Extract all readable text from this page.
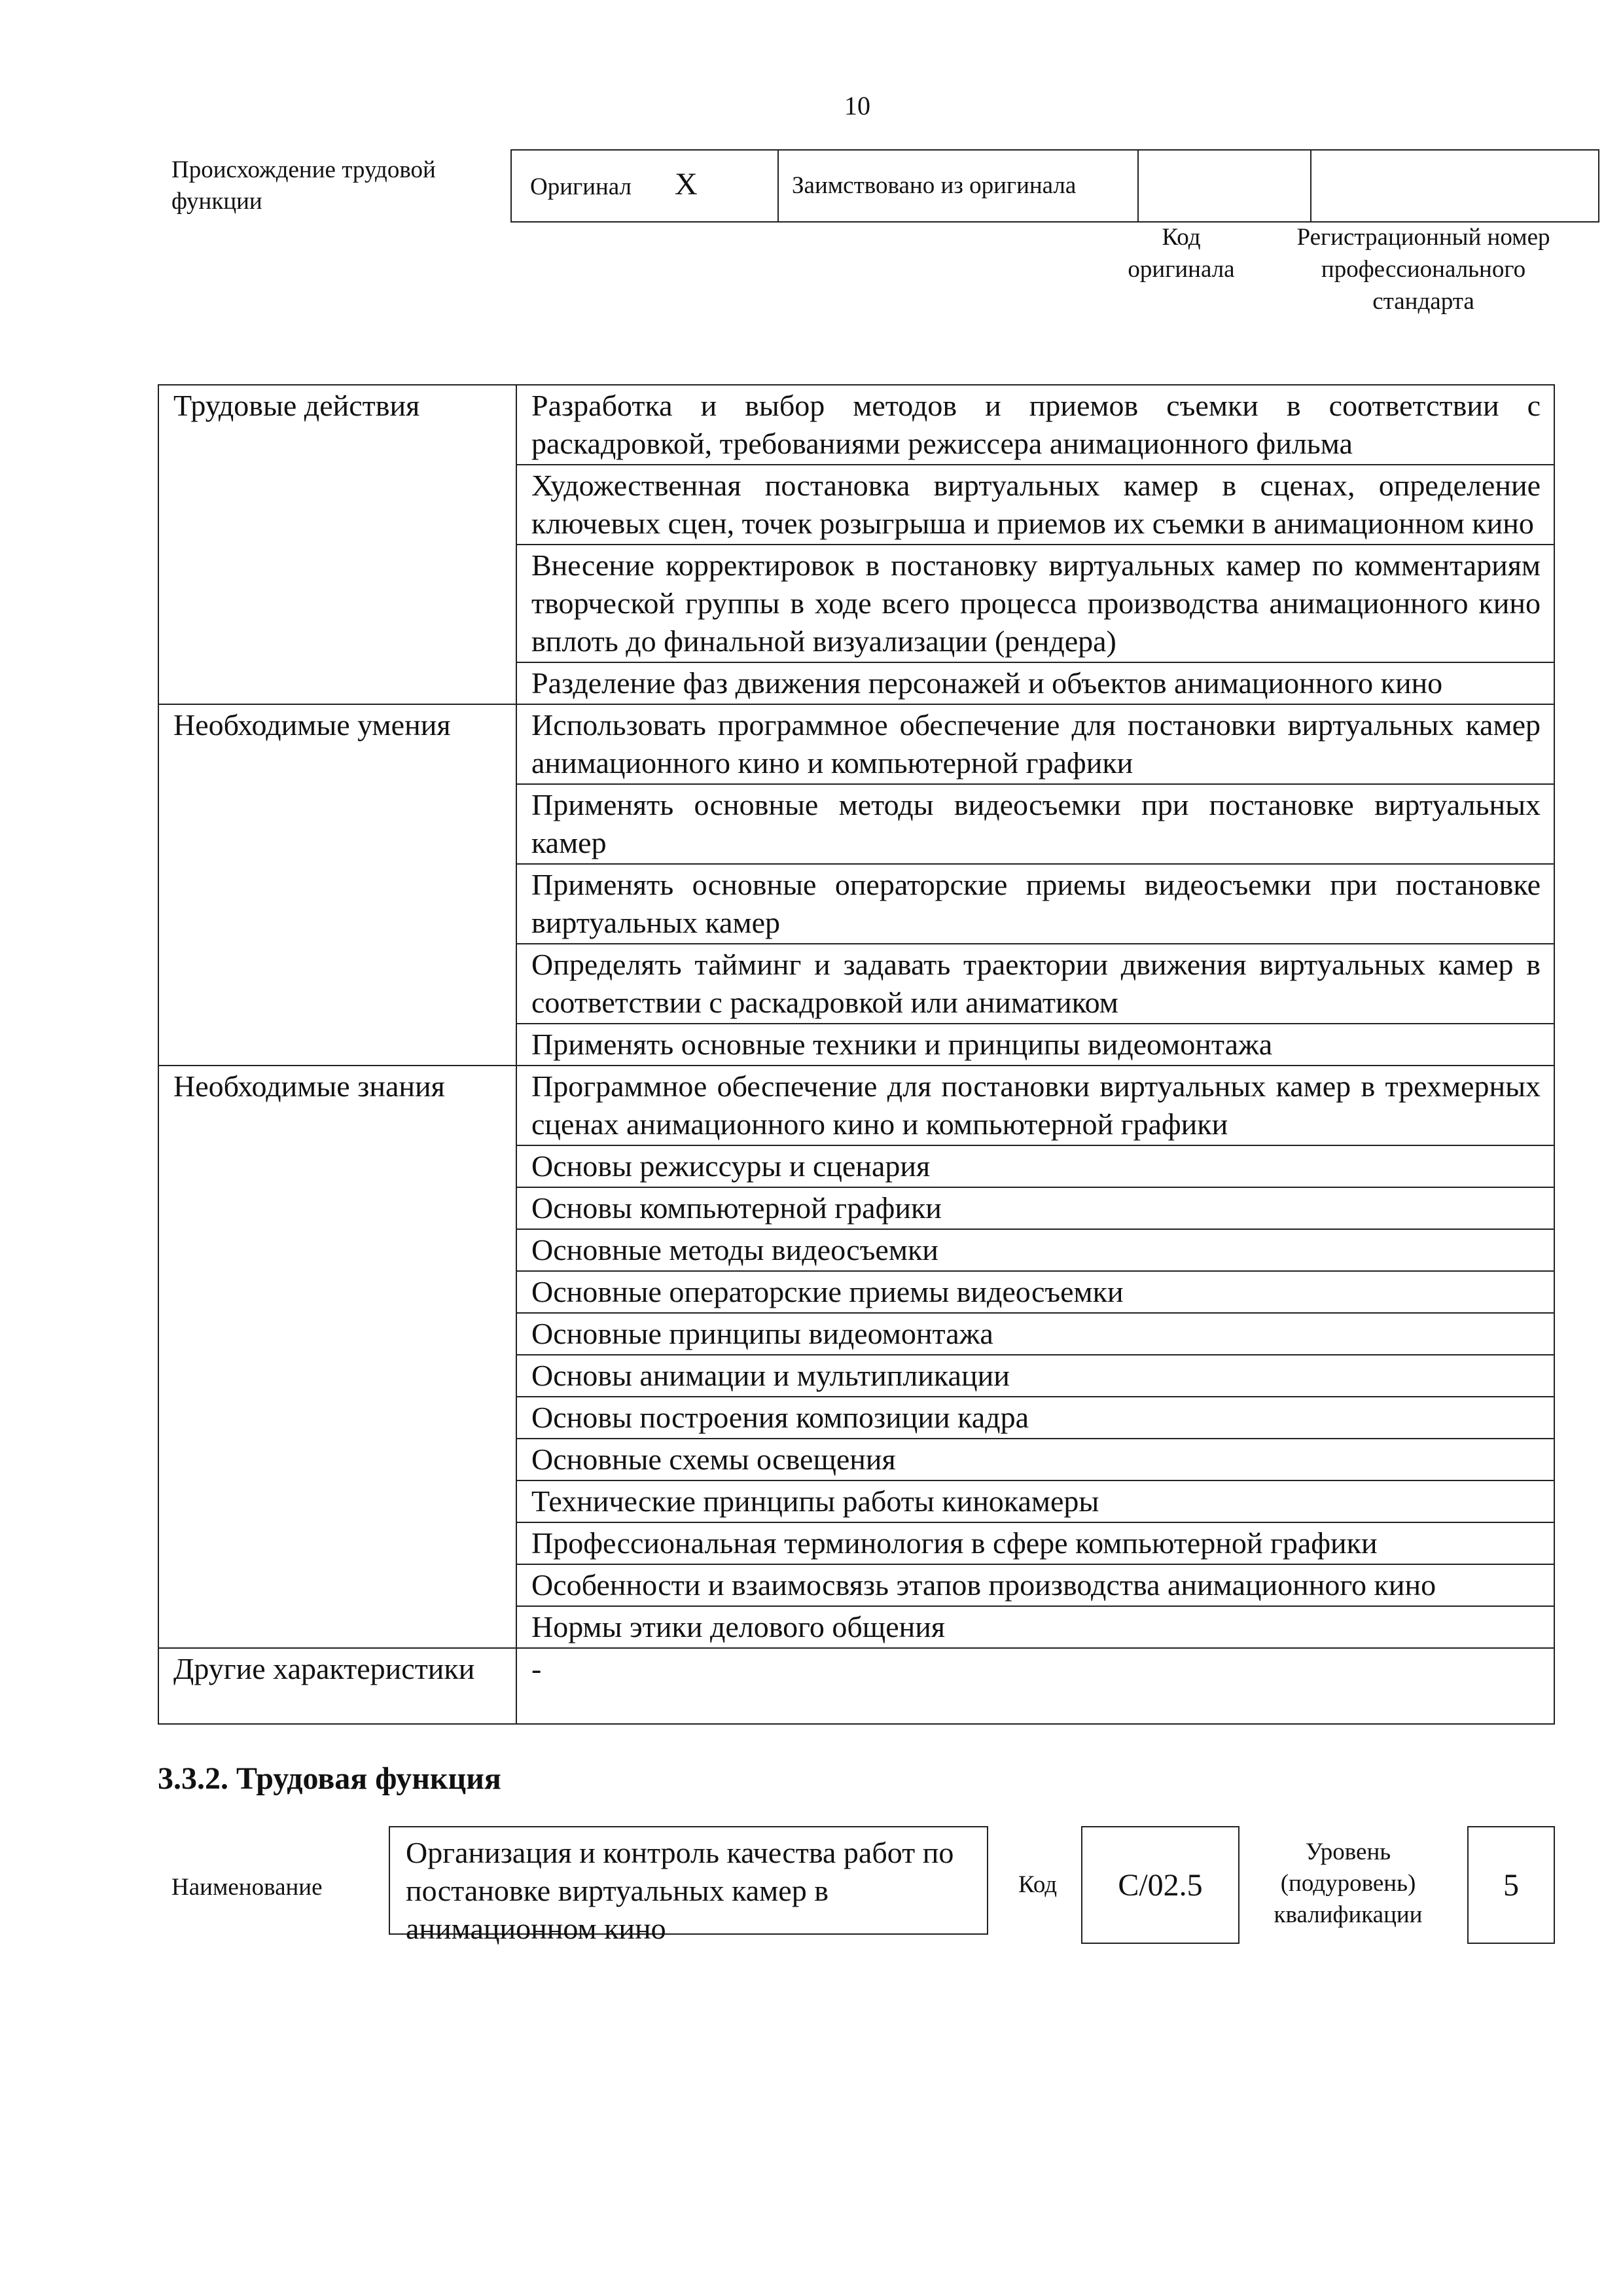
10
Происхождение трудовой функции
Оригинал X	Заимствовано из оригинала		
Код оригинала
Регистрационный номер профессионального стандарта
Трудовые действия	Разработка и выбор методов и приемов съемки в соответствии с раскадровкой, требованиями режиссера анимационного фильма
	Художественная постановка виртуальных камер в сценах, определение ключевых сцен, точек розыгрыша и приемов их съемки в анимационном кино
	Внесение корректировок в постановку виртуальных камер по комментариям творческой группы в ходе всего процесса производства анимационного кино вплоть до финальной визуализации (рендера)
	Разделение фаз движения персонажей и объектов анимационного кино
Необходимые умения	Использовать программное обеспечение для постановки виртуальных камер анимационного кино и компьютерной графики
	Применять основные методы видеосъемки при постановке виртуальных камер
	Применять основные операторские приемы видеосъемки при постановке виртуальных камер
	Определять тайминг и задавать траектории движения виртуальных камер в соответствии с раскадровкой или аниматиком
	Применять основные техники и принципы видеомонтажа
Необходимые знания	Программное обеспечение для постановки виртуальных камер в трехмерных сценах анимационного кино и компьютерной графики
	Основы режиссуры и сценария
	Основы компьютерной графики
	Основные методы видеосъемки
	Основные операторские приемы видеосъемки
	Основные принципы видеомонтажа
	Основы анимации и мультипликации
	Основы построения композиции кадра
	Основные схемы освещения
	Технические принципы работы кинокамеры
	Профессиональная терминология в сфере компьютерной графики
	Особенности и взаимосвязь этапов производства анимационного кино
	Нормы этики делового общения
Другие характеристики	-
3.3.2. Трудовая функция
Наименование
Организация и контроль качества работ по постановке виртуальных камер в анимационном кино
Код С/02.5
Уровень (подуровень) квалификации
5
